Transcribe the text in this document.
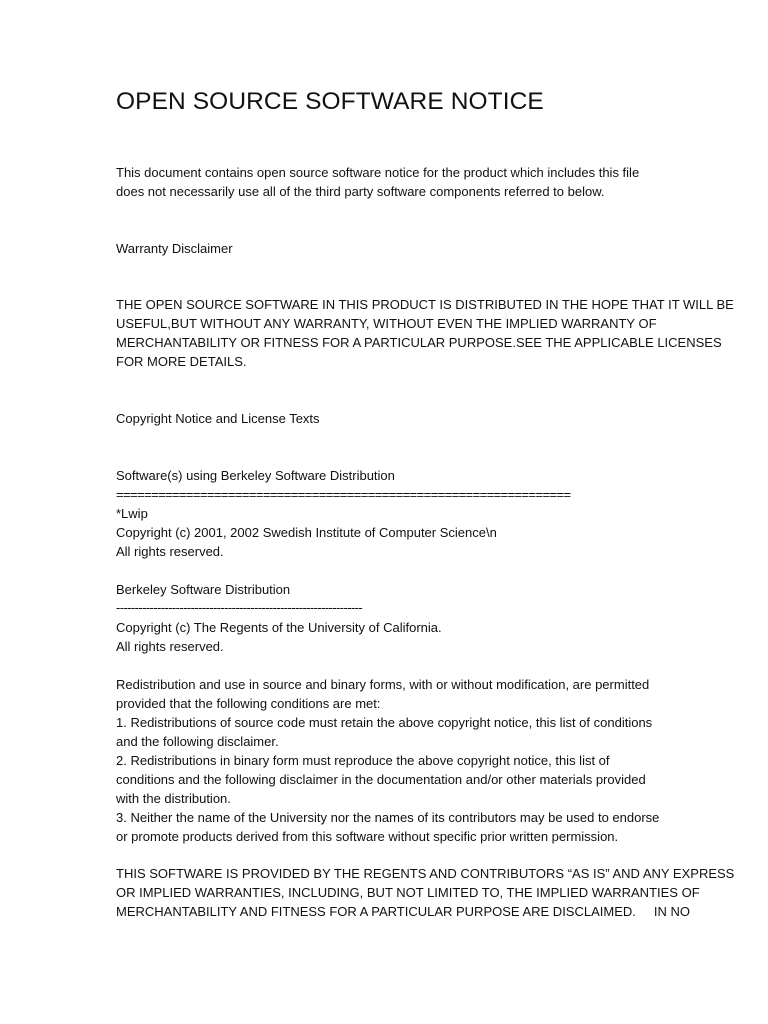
OPEN SOURCE SOFTWARE NOTICE
This document contains open source software notice for the product which includes this file
does not necessarily use all of the third party software components referred to below.
Warranty Disclaimer
THE OPEN SOURCE SOFTWARE IN THIS PRODUCT IS DISTRIBUTED IN THE HOPE THAT IT WILL BE
USEFUL,BUT WITHOUT ANY WARRANTY, WITHOUT EVEN THE IMPLIED WARRANTY OF
MERCHANTABILITY OR FITNESS FOR A PARTICULAR PURPOSE.SEE THE APPLICABLE LICENSES
FOR MORE DETAILS.
Copyright Notice and License Texts
Software(s) using Berkeley Software Distribution
=================================================================
*Lwip
Copyright (c) 2001, 2002 Swedish Institute of Computer Science\n
All rights reserved.
Berkeley Software Distribution
------------------------------------------------------------------
Copyright (c) The Regents of the University of California.
All rights reserved.
Redistribution and use in source and binary forms, with or without modification, are permitted
provided that the following conditions are met:
1. Redistributions of source code must retain the above copyright notice, this list of conditions
and the following disclaimer.
2. Redistributions in binary form must reproduce the above copyright notice, this list of
conditions and the following disclaimer in the documentation and/or other materials provided
with the distribution.
3. Neither the name of the University nor the names of its contributors may be used to endorse
or promote products derived from this software without specific prior written permission.
THIS SOFTWARE IS PROVIDED BY THE REGENTS AND CONTRIBUTORS “AS IS” AND ANY EXPRESS
OR IMPLIED WARRANTIES, INCLUDING, BUT NOT LIMITED TO, THE IMPLIED WARRANTIES OF
MERCHANTABILITY AND FITNESS FOR A PARTICULAR PURPOSE ARE DISCLAIMED.     IN NO
